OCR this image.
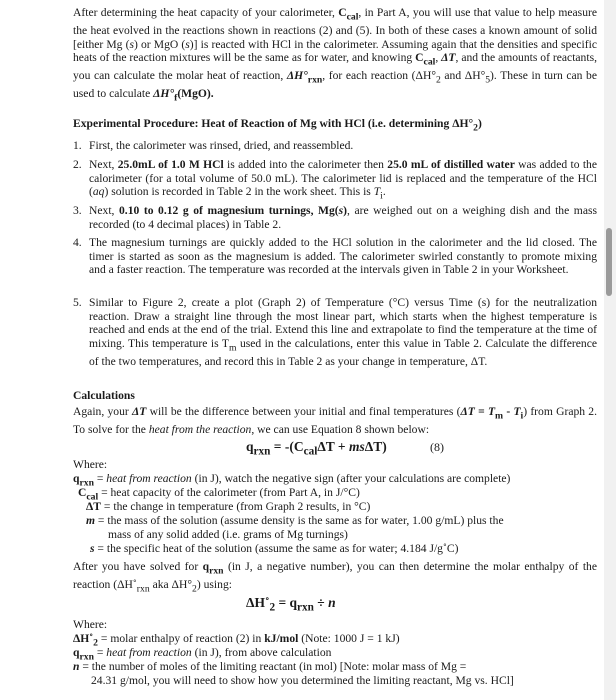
After determining the heat capacity of your calorimeter, $C_{cal}$, in Part A, you will use that value to help measure the heat evolved in the reactions shown in reactions (2) and (5). In both of these cases a known amount of solid [either Mg (s) or MgO (s)] is reacted with HCl in the calorimeter. Assuming again that the densities and specific heats of the reaction mixtures will be the same as for water, and knowing $C_{cal}$, ΔT, and the amounts of reactants, you can calculate the molar heat of reaction, $\Delta H^\circ_{rxn}$, for each reaction ($\Delta H^\circ_2$ and $\Delta H^\circ_5$). These in turn can be used to calculate $\Delta H^\circ_f(MgO)$.

Experimental Procedure: Heat of Reaction of Mg with HCl (i.e. determining $\Delta H^\circ_2$)

1. First, the calorimeter was rinsed, dried, and reassembled.

2. Next, 25.0mL of 1.0 M HCl is added into the calorimeter then 25.0 mL of distilled water was added to the calorimeter (for a total volume of 50.0 mL). The calorimeter lid is replaced and the temperature of the HCl (aq) solution is recorded in Table 2 in the work sheet. This is $T_i$.

3. Next, 0.10 to 0.12 g of magnesium turnings, Mg(s), are weighed out on a weighing dish and the mass recorded (to 4 decimal places) in Table 2.

4. The magnesium turnings are quickly added to the HCl solution in the calorimeter and the lid closed. The timer is started as soon as the magnesium is added. The calorimeter swirled constantly to promote mixing and a faster reaction. The temperature was recorded at the intervals given in Table 2 in your Worksheet.

5. Similar to Figure 2, create a plot (Graph 2) of Temperature (°C) versus Time (s) for the neutralization reaction. Draw a straight line through the most linear part, which starts when the highest temperature is reached and ends at the end of the trial. Extend this line and extrapolate to find the temperature at the time of mixing. This temperature is $T_m$ used in the calculations, enter this value in Table 2. Calculate the difference of the two temperatures, and record this in Table 2 as your change in temperature, ΔT.

Calculations

Again, your ΔT will be the difference between your initial and final temperatures $(\Delta T = T_m - T_i)$ from Graph 2. To solve for the heat from the reaction, we can use Equation 8 shown below:

$q_{rxn} = -(C_{cal}\Delta T + ms\Delta T)$	(8)

Where:

$q_{rxn}$ = heat from reaction (in J), watch the negative sign (after your calculations are complete)

$C_{cal}$ = heat capacity of the calorimeter (from Part A, in J/°C)

ΔT = the change in temperature (from Graph 2 results, in °C)

m = the mass of the solution (assume density is the same as for water, 1.00 g/mL) plus the

mass of any solid added (i.e. grams of Mg turnings)

s = the specific heat of the solution (assume the same as for water; 4.184 J/g˚C)

After you have solved for $q_{rxn}$ (in J, a negative number), you can then determine the molar enthalpy of the reaction ($\Delta H˚_{rxn}$ aka $\Delta H^\circ_2$) using:

$\Delta H˚_2 = q_{rxn} \div n$

Where:

$\Delta H˚_2$ = molar enthalpy of reaction (2) in kJ/mol (Note: 1000 J = 1 kJ)

$q_{rxn}$ = heat from reaction (in J), from above calculation

n = the number of moles of the limiting reactant (in mol) [Note: molar mass of Mg =

24.31 g/mol, you will need to show how you determined the limiting reactant, Mg vs. HCl]
